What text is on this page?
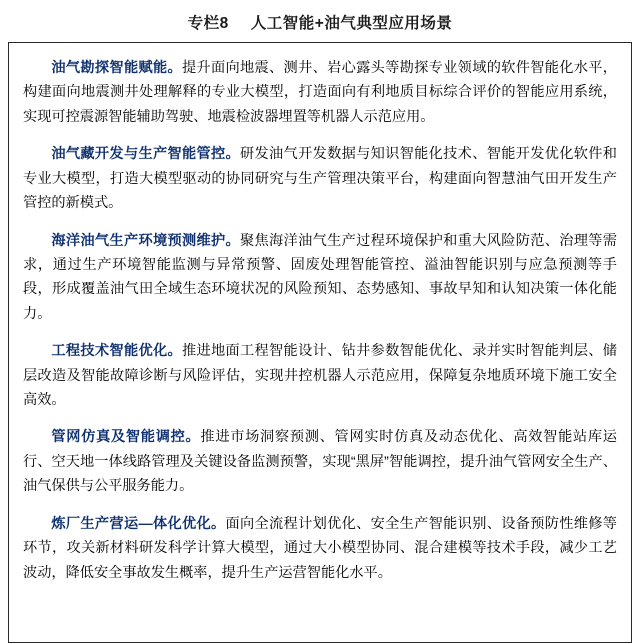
专栏8 人工智能+油气典型应用场景

油气勘探智能赋能。提升面向地震、测井、岩心露头等勘探专业领域的软件智能化水平，构建面向地震测井处理解释的专业大模型，打造面向有利地质目标综合评价的智能应用系统，实现可控震源智能辅助驾驶、地震检波器埋置等机器人示范应用。

油气藏开发与生产智能管控。研发油气开发数据与知识智能化技术、智能开发优化软件和专业大模型，打造大模型驱动的协同研究与生产管理决策平台，构建面向智慧油气田开发生产管控的新模式。

海洋油气生产环境预测维护。聚焦海洋油气生产过程环境保护和重大风险防范、治理等需求，通过生产环境智能监测与异常预警、固废处理智能管控、溢油智能识别与应急预测等手段，形成覆盖油气田全域生态环境状况的风险预知、态势感知、事故早知和认知决策一体化能力。

工程技术智能优化。推进地面工程智能设计、钻井参数智能优化、录并实时智能判层、储层改造及智能故障诊断与风险评估，实现井控机器人示范应用，保障复杂地质环境下施工安全高效。

管网仿真及智能调控。推进市场洞察预测、管网实时仿真及动态优化、高效智能站库运行、空天地一体线路管理及关键设备监测预警，实现“黑屏”智能调控，提升油气管网安全生产、油气保供与公平服务能力。

炼厂生产营运—体化优化。面向全流程计划优化、安全生产智能识别、设备预防性维修等环节，攻关新材料研发科学计算大模型，通过大小模型协同、混合建模等技术手段，减少工艺波动，降低安全事故发生概率，提升生产运营智能化水平。
